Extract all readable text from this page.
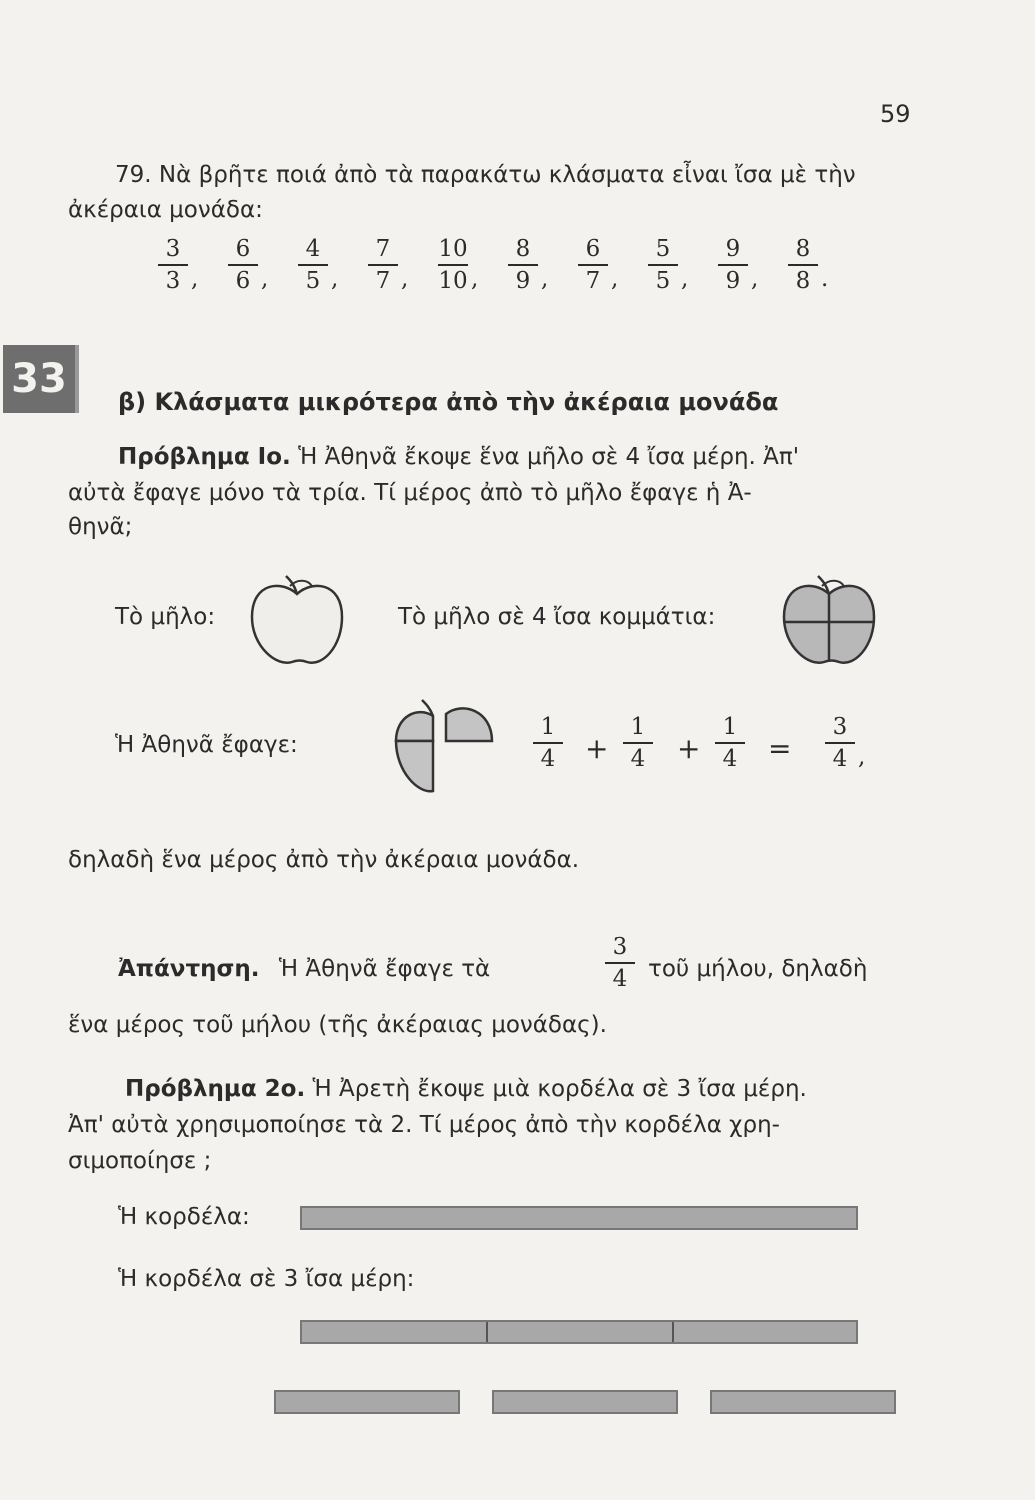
59
79. Νὰ βρῆτε ποιά ἀπὸ τὰ παρακάτω κλάσματα εἶναι ἴσα μὲ τὴν
ἀκέραια μονάδα:
3
3 ,
6
6 ,
4
5 ,
7
7 ,
10
10 ,
8
9 ,
6
7 ,
5
5 ,
9
9 ,
8
8 .
33	β) Κλάσματα μικρότερα ἀπὸ τὴν ἀκέραια μονάδα
Πρόβλημα Ιο. Ἡ Ἀθηνᾶ ἔκοψε ἕνα μῆλο σὲ 4 ἴσα μέρη. Ἀπ'
αὐτὰ ἔφαγε μόνο τὰ τρία. Τί μέρος ἀπὸ τὸ μῆλο ἔφαγε ἡ Ἀ-
θηνᾶ;
Τὸ μῆλο:	Τὸ μῆλο σὲ 4 ἴσα κομμάτια:
Ἡ Ἀθηνᾶ ἔφαγε:
1
4
1
4
1
4
+ + =
3
4 ,
δηλαδὴ ἕνα μέρος ἀπὸ τὴν ἀκέραια μονάδα.
Ἀπάντηση. Ἡ Ἀθηνᾶ ἔφαγε τὰ
3
4 τοῦ μήλου, δηλαδὴ
ἕνα μέρος τοῦ μήλου (τῆς ἀκέραιας μονάδας).
Πρόβλημα 2ο. Ἡ Ἀρετὴ ἔκοψε μιὰ κορδέλα σὲ 3 ἴσα μέρη.
Ἀπ' αὐτὰ χρησιμοποίησε τὰ 2. Τί μέρος ἀπὸ τὴν κορδέλα χρη-
σιμοποίησε ;
Ἡ κορδέλα:
Ἡ κορδέλα σὲ 3 ἴσα μέρη:
